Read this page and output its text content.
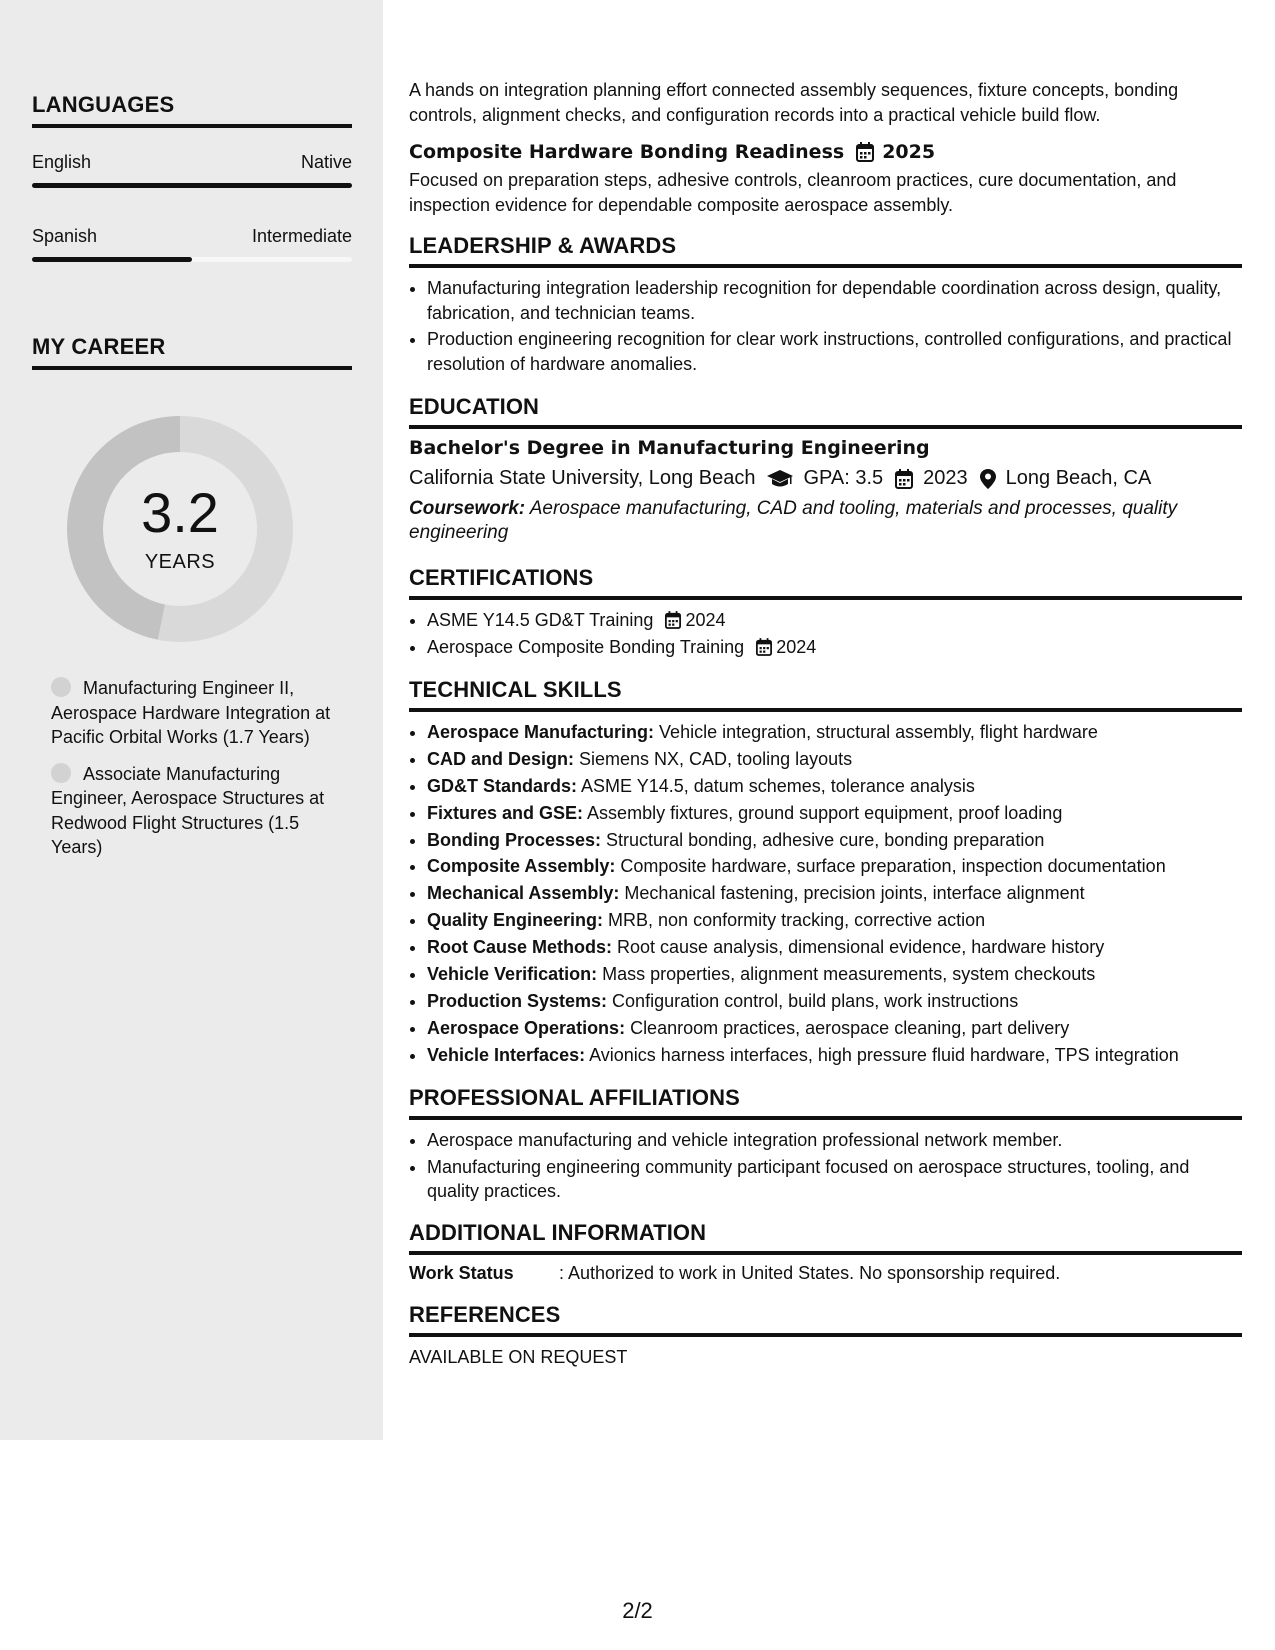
LANGUAGES
English	Native
Spanish	Intermediate
MY CAREER
3.2
YEARS
Manufacturing Engineer II, Aerospace Hardware Integration at Pacific Orbital Works (1.7 Years)
Associate Manufacturing Engineer, Aerospace Structures at Redwood Flight Structures (1.5 Years)

A hands on integration planning effort connected assembly sequences, fixture concepts, bonding controls, alignment checks, and configuration records into a practical vehicle build flow.

Composite Hardware Bonding Readiness 2025

Focused on preparation steps, adhesive controls, cleanroom practices, cure documentation, and inspection evidence for dependable composite aerospace assembly.

LEADERSHIP & AWARDS
• Manufacturing integration leadership recognition for dependable coordination across design, quality, fabrication, and technician teams.
• Production engineering recognition for clear work instructions, controlled configurations, and practical resolution of hardware anomalies.
EDUCATION
Bachelor's Degree in Manufacturing Engineering
California State University, Long Beach GPA: 3.5 2023 Long Beach, CA

Coursework: Aerospace manufacturing, CAD and tooling, materials and processes, quality engineering

CERTIFICATIONS
• ASME Y14.5 GD&T Training 2024
• Aerospace Composite Bonding Training 2024
TECHNICAL SKILLS
• Aerospace Manufacturing: Vehicle integration, structural assembly, flight hardware
• CAD and Design: Siemens NX, CAD, tooling layouts
• GD&T Standards: ASME Y14.5, datum schemes, tolerance analysis
• Fixtures and GSE: Assembly fixtures, ground support equipment, proof loading
• Bonding Processes: Structural bonding, adhesive cure, bonding preparation
• Composite Assembly: Composite hardware, surface preparation, inspection documentation
• Mechanical Assembly: Mechanical fastening, precision joints, interface alignment
• Quality Engineering: MRB, non conformity tracking, corrective action
• Root Cause Methods: Root cause analysis, dimensional evidence, hardware history
• Vehicle Verification: Mass properties, alignment measurements, system checkouts
• Production Systems: Configuration control, build plans, work instructions
• Aerospace Operations: Cleanroom practices, aerospace cleaning, part delivery
• Vehicle Interfaces: Avionics harness interfaces, high pressure fluid hardware, TPS integration
PROFESSIONAL AFFILIATIONS
• Aerospace manufacturing and vehicle integration professional network member.
• Manufacturing engineering community participant focused on aerospace structures, tooling, and quality practices.
ADDITIONAL INFORMATION
Work Status	: Authorized to work in United States. No sponsorship required.
REFERENCES
AVAILABLE ON REQUEST
2/2
